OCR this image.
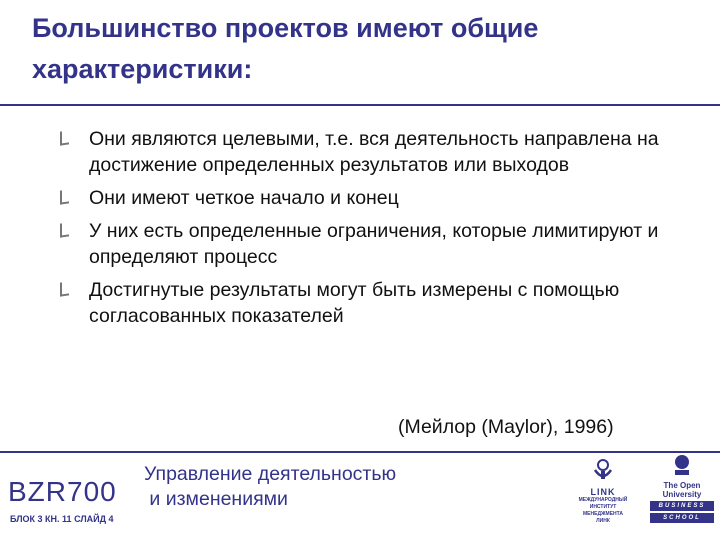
Большинство проектов имеют общие характеристики:
Они являются целевыми, т.е. вся деятельность направлена на достижение определенных результатов или выходов
Они имеют четкое начало и конец
У них есть определенные ограничения, которые лимитируют и определяют процесс
Достигнутые результаты могут быть измерены с помощью согласованных показателей
(Мейлор (Maylor), 1996)
BZR700
БЛОК 3 КН. 11 СЛАЙД 4
Управление деятельностью
и изменениями	LINK
МЕЖДУНАРОДНЫЙ
ИНСТИТУТ
МЕНЕДЖМЕНТА
ЛИНК
The Open
University
BUSINESS
SCHOOL
